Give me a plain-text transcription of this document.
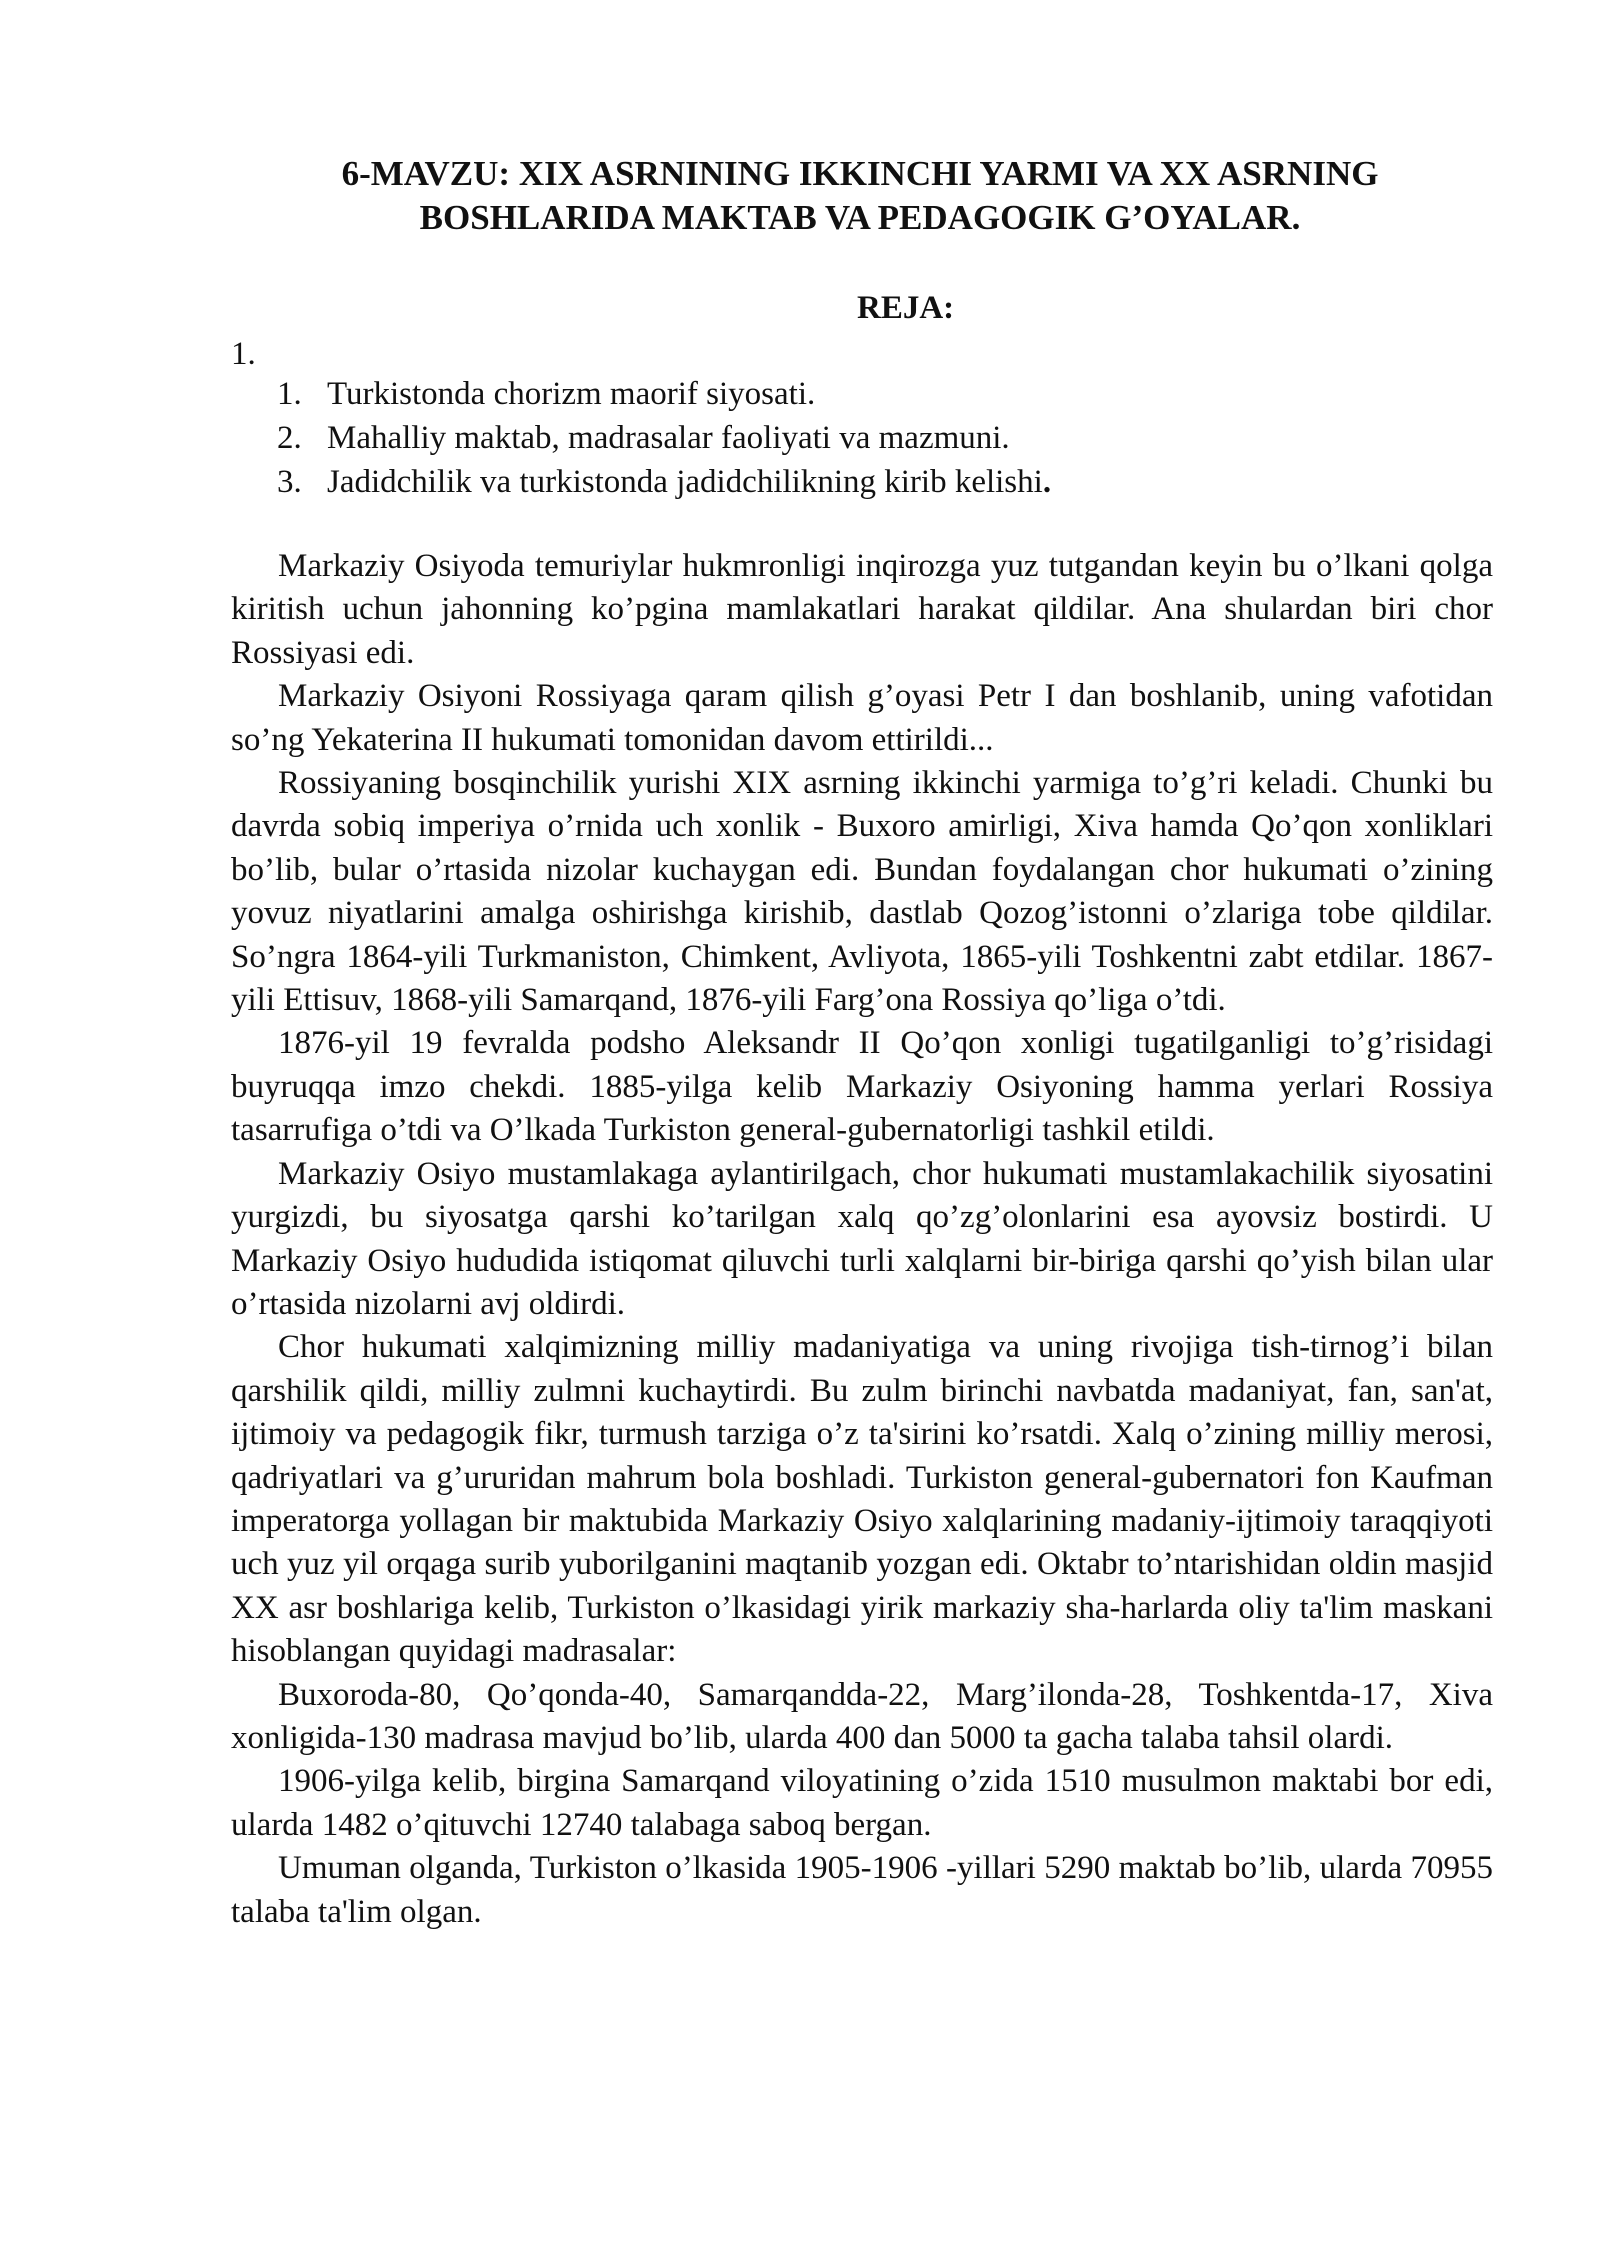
6-MAVZU: XIX ASRNINING IKKINCHI YARMI VA XX ASRNING
BOSHLARIDA MAKTAB VA PEDAGOGIK G’OYALAR.
REJA:
1.
1. Turkistonda chorizm maorif siyosati.
2. Mahalliy maktab, madrasalar faoliyati va mazmuni.
3. Jadidchilik va turkistonda jadidchilikning kirib kelishi.

Markaziy Osiyoda temuriylar hukmronligi inqirozga yuz tutgandan keyin bu o’lkani qolga kiritish uchun jahonning ko’pgina mamlakatlari harakat qildilar. Ana shulardan biri chor Rossiyasi edi.

Markaziy Osiyoni Rossiyaga qaram qilish g’oyasi Petr I dan boshlanib, uning vafotidan so’ng Yekaterina II hukumati tomonidan davom ettirildi...

Rossiyaning bosqinchilik yurishi XIX asrning ikkinchi yarmiga to’g’ri keladi. Chunki bu davrda sobiq imperiya o’rnida uch xonlik - Buxoro amirligi, Xiva hamda Qo’qon xonliklari bo’lib, bular o’rtasida nizolar kuchaygan edi. Bundan foydalangan chor hukumati o’zining yovuz niyatlarini amalga oshirishga kirishib, dastlab Qozog’istonni o’zlariga tobe qildilar. So’ngra 1864-yili Turkmaniston, Chimkent, Avliyota, 1865-yili Toshkentni zabt etdilar. 1867-yili Ettisuv, 1868-yili Samarqand, 1876-yili Farg’ona Rossiya qo’liga o’tdi.

1876-yil 19 fevralda podsho Aleksandr II Qo’qon xonligi tugatilganligi to’g’risidagi buyruqqa imzo chekdi. 1885-yilga kelib Markaziy Osiyoning hamma yerlari Rossiya tasarrufiga o’tdi va O’lkada Turkiston general-gubernatorligi tashkil etildi.

Markaziy Osiyo mustamlakaga aylantirilgach, chor hukumati mustamlakachilik siyosatini yurgizdi, bu siyosatga qarshi ko’tarilgan xalq qo’zg’olonlarini esa ayovsiz bostirdi. U Markaziy Osiyo hududida istiqomat qiluvchi turli xalqlarni bir-biriga qarshi qo’yish bilan ular o’rtasida nizolarni avj oldirdi.

Chor hukumati xalqimizning milliy madaniyatiga va uning rivojiga tish-tirnog’i bilan qarshilik qildi, milliy zulmni kuchaytirdi. Bu zulm birinchi navbatda madaniyat, fan, san'at, ijtimoiy va pedagogik fikr, turmush tarziga o’z ta'sirini ko’rsatdi. Xalq o’zining milliy merosi, qadriyatlari va g’ururidan mahrum bola boshladi. Turkiston general-gubernatori fon Kaufman imperatorga yollagan bir maktubida Markaziy Osiyo xalqlarining madaniy-ijtimoiy taraqqiyoti uch yuz yil orqaga surib yuborilganini maqtanib yozgan edi. Oktabr to’ntarishidan oldin masjid XX asr boshlariga kelib, Turkiston o’lkasidagi yirik markaziy sha-harlarda oliy ta'lim maskani hisoblangan quyidagi madrasalar:

Buxoroda-80, Qo’qonda-40, Samarqandda-22, Marg’ilonda-28, Toshkentda-17, Xiva xonligida-130 madrasa mavjud bo’lib, ularda 400 dan 5000 ta gacha talaba tahsil olardi.

1906-yilga kelib, birgina Samarqand viloyatining o’zida 1510 musulmon maktabi bor edi, ularda 1482 o’qituvchi 12740 talabaga saboq bergan.

Umuman olganda, Turkiston o’lkasida 1905-1906 -yillari 5290 maktab bo’lib, ularda 70955 talaba ta'lim olgan.
